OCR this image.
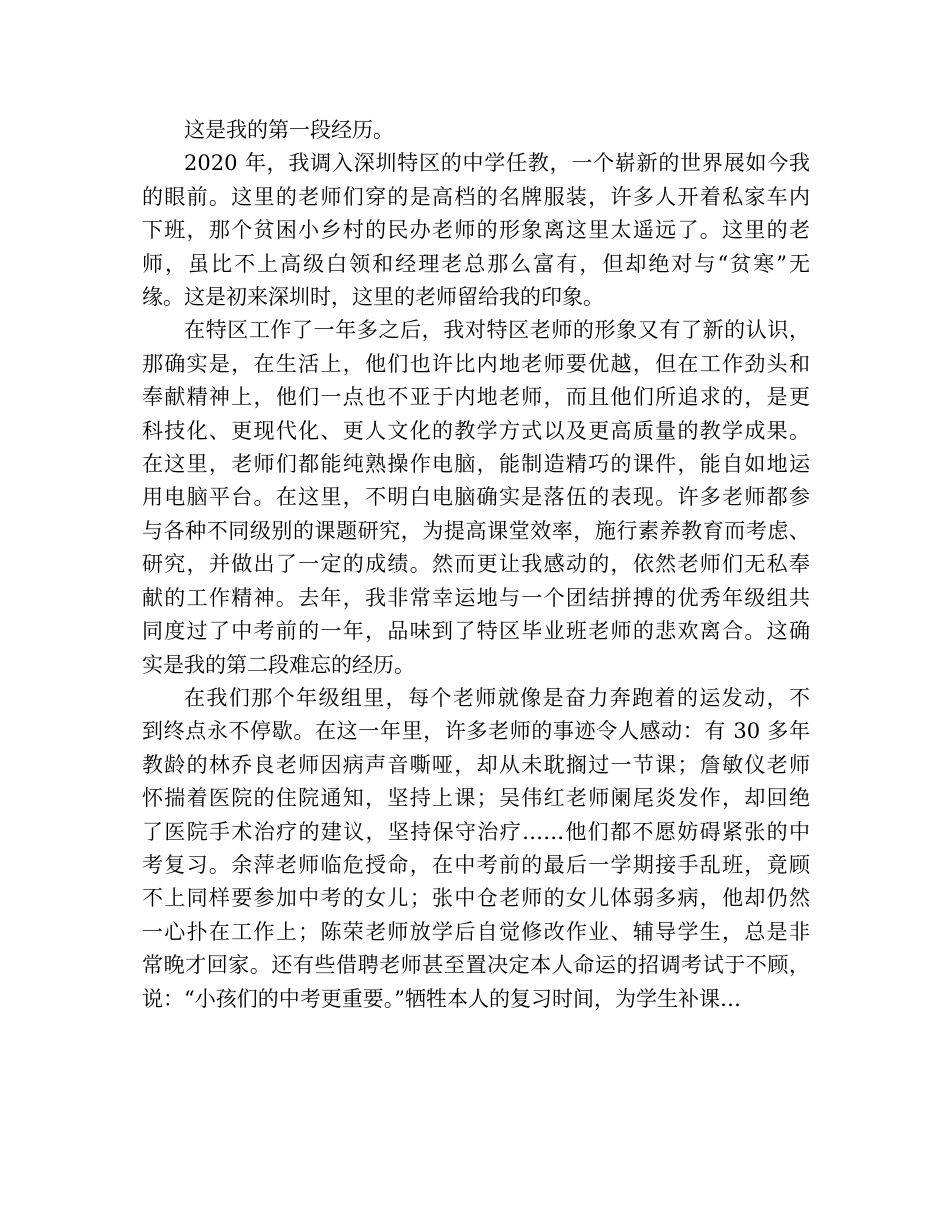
这是我的第一段经历。
2020 年，我调入深圳特区的中学任教，一个崭新的世界展如今我
的眼前。这里的老师们穿的是高档的名牌服装，许多人开着私家车内
下班，那个贫困小乡村的民办老师的形象离这里太遥远了。这里的老
师，虽比不上高级白领和经理老总那么富有，但却绝对与“贫寒”无
缘。这是初来深圳时，这里的老师留给我的印象。
在特区工作了一年多之后，我对特区老师的形象又有了新的认识，
那确实是，在生活上，他们也许比内地老师要优越，但在工作劲头和
奉献精神上，他们一点也不亚于内地老师，而且他们所追求的，是更
科技化、更现代化、更人文化的教学方式以及更高质量的教学成果。
在这里，老师们都能纯熟操作电脑，能制造精巧的课件，能自如地运
用电脑平台。在这里，不明白电脑确实是落伍的表现。许多老师都参
与各种不同级别的课题研究，为提高课堂效率，施行素养教育而考虑、
研究，并做出了一定的成绩。然而更让我感动的，依然老师们无私奉
献的工作精神。去年，我非常幸运地与一个团结拼搏的优秀年级组共
同度过了中考前的一年，品味到了特区毕业班老师的悲欢离合。这确
实是我的第二段难忘的经历。
在我们那个年级组里，每个老师就像是奋力奔跑着的运发动，不
到终点永不停歇。在这一年里，许多老师的事迹令人感动：有 30 多年
教龄的林乔良老师因病声音嘶哑，却从未耽搁过一节课；詹敏仪老师
怀揣着医院的住院通知，坚持上课；吴伟红老师阑尾炎发作，却回绝
了医院手术治疗的建议，坚持保守治疗……他们都不愿妨碍紧张的中
考复习。余萍老师临危授命，在中考前的最后一学期接手乱班，竟顾
不上同样要参加中考的女儿；张中仓老师的女儿体弱多病，他却仍然
一心扑在工作上；陈荣老师放学后自觉修改作业、辅导学生，总是非
常晚才回家。还有些借聘老师甚至置决定本人命运的招调考试于不顾，
说：“小孩们的中考更重要。”牺牲本人的复习时间，为学生补课…
